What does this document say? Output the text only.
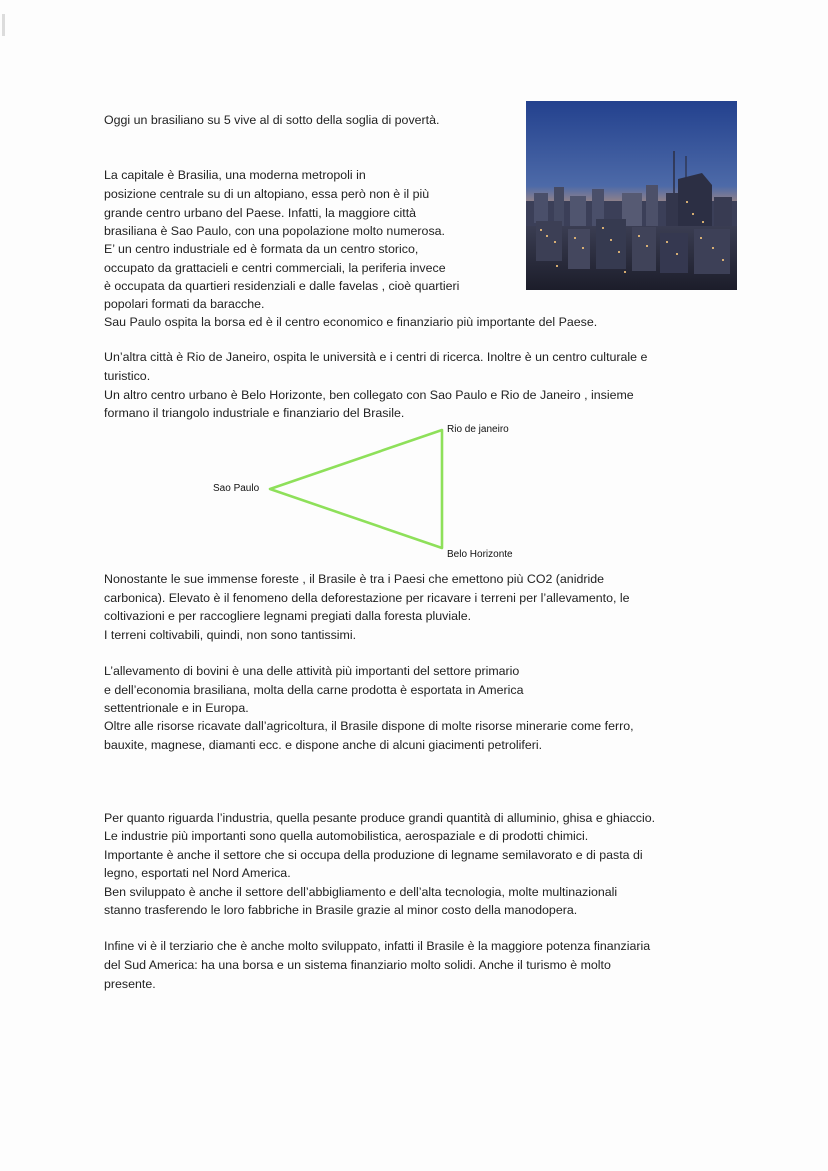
Oggi un brasiliano su 5 vive al di sotto della soglia di povertà.
La capitale è Brasilia, una moderna metropoli in
posizione centrale su di un altopiano, essa però non è il più
grande centro urbano del Paese. Infatti, la maggiore città
brasiliana è Sao Paulo, con una popolazione molto numerosa.
E’ un centro industriale ed è formata da un centro storico,
occupato da grattacieli e centri commerciali, la periferia invece
è occupata da quartieri residenziali e dalle favelas , cioè quartieri
popolari formati da baracche.
Sau Paulo ospita la borsa ed è il centro economico e finanziario più importante del Paese.
Un’altra città è Rio de Janeiro, ospita le università e i centri di ricerca. Inoltre è un centro culturale e
turistico.
Un altro centro urbano è Belo Horizonte, ben collegato con Sao Paulo e Rio de Janeiro , insieme
formano il triangolo industriale e finanziario del Brasile.
Rio de janeiro
Sao Paulo
Belo Horizonte
Nonostante le sue immense foreste , il Brasile è tra i Paesi che emettono più CO2 (anidride
carbonica). Elevato è il fenomeno della deforestazione per ricavare i terreni per l’allevamento, le
coltivazioni e per raccogliere legnami pregiati dalla foresta pluviale.
I terreni coltivabili, quindi, non sono tantissimi.
L’allevamento di bovini è una delle attività più importanti del settore primario
e dell’economia brasiliana, molta della carne prodotta è esportata in America
settentrionale e in Europa.
Oltre alle risorse ricavate dall’agricoltura, il Brasile dispone di molte risorse minerarie come ferro,
bauxite, magnese, diamanti ecc. e dispone anche di alcuni giacimenti petroliferi.
Per quanto riguarda l’industria, quella pesante produce grandi quantità di alluminio, ghisa e ghiaccio.
Le industrie più importanti sono quella automobilistica, aerospaziale e di prodotti chimici.
Importante è anche il settore che si occupa della produzione di legname semilavorato e di pasta di
legno, esportati nel Nord America.
Ben sviluppato è anche il settore dell’abbigliamento e dell’alta tecnologia, molte multinazionali
stanno trasferendo le loro fabbriche in Brasile grazie al minor costo della manodopera.
Infine vi è il terziario che è anche molto sviluppato, infatti il Brasile è la maggiore potenza finanziaria
del Sud America: ha una borsa e un sistema finanziario molto solidi. Anche il turismo è molto
presente.
